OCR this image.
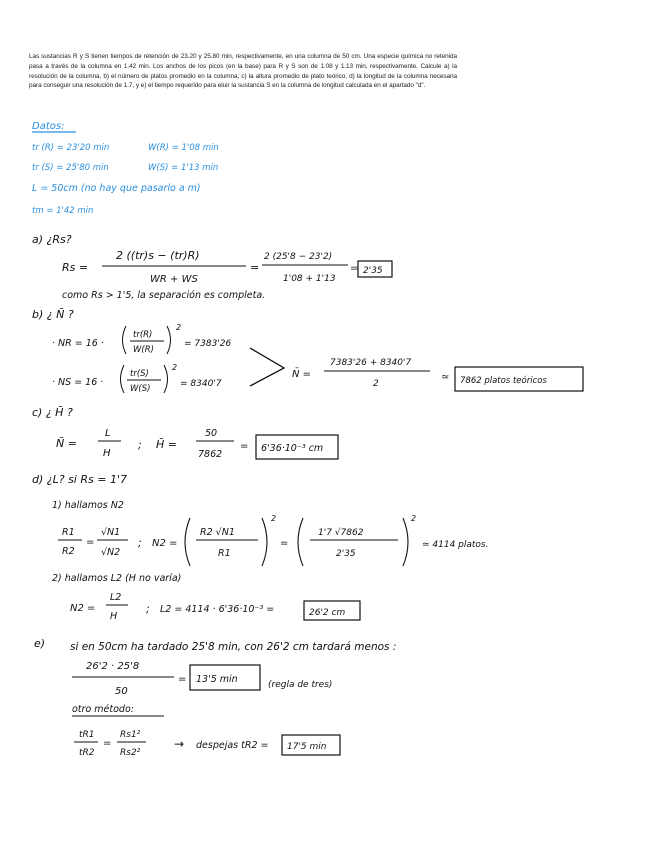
Las sustancias R y S tienen tiempos de retención de 23.20 y 25.80 min, respectivamente, en una columna de 50 cm. Una especie química no retenida pasa a través de la columna en 1.42 min. Los anchos de los picos (en la base) para R y S son de 1.08 y 1.13 min, respectivamente. Calcule a) la resolución de la columna, b) el número de platos promedio en la columna, c) la altura promedio de plato teórico, d) la longitud de la columna necesaria para conseguir una resolución de 1.7, y e) el tiempo requerido para eluir la sustancia S en la columna de longitud calculada en el apartado "d".

Datos:
tr (R) = 23'20 min	W(R) = 1'08 min
tr (S) = 25'80 min	W(S) = 1'13 min
L = 50cm (no hay que pasarlo a m)
tm = 1'42 min
a) ¿Rs?
Rs =
2 ((tr)s − (tr)R)
WR + WS
=
2 (25'8 − 23'2)
1'08 + 1'13
= 2'35
como Rs > 1'5, la separación es completa.
b) ¿ N̄ ?
· NR = 16 ·
tr(R)
W(R)
2
= 7383'26
· NS = 16 ·
tr(S)
W(S)
2
= 8340'7
N̄ =
7383'26 + 8340'7
2
≃ 7862 platos teóricos
c) ¿ H̄ ?
N̄ =
L
H
; H̄ =
50
7862
= 6'36·10⁻³ cm
d) ¿L? si Rs = 1'7
1) hallamos N2
R1
R2
=
√N1
√N2
; N2 =
R2 √N1
R1
2
=
1'7 √7862
2'35
2
≃ 4114 platos.
2) hallamos L2 (H no varía)
N2 =
L2
H
; L2 = 4114 · 6'36·10⁻³ =	26'2 cm
e) si en 50cm ha tardado 25'8 min, con 26'2 cm tardará menos :
26'2 · 25'8
50
= 13'5 min	(regla de tres)
otro método:
tR1
tR2
=
Rs1²
Rs2²
→ despejas tR2 = 17'5 min
